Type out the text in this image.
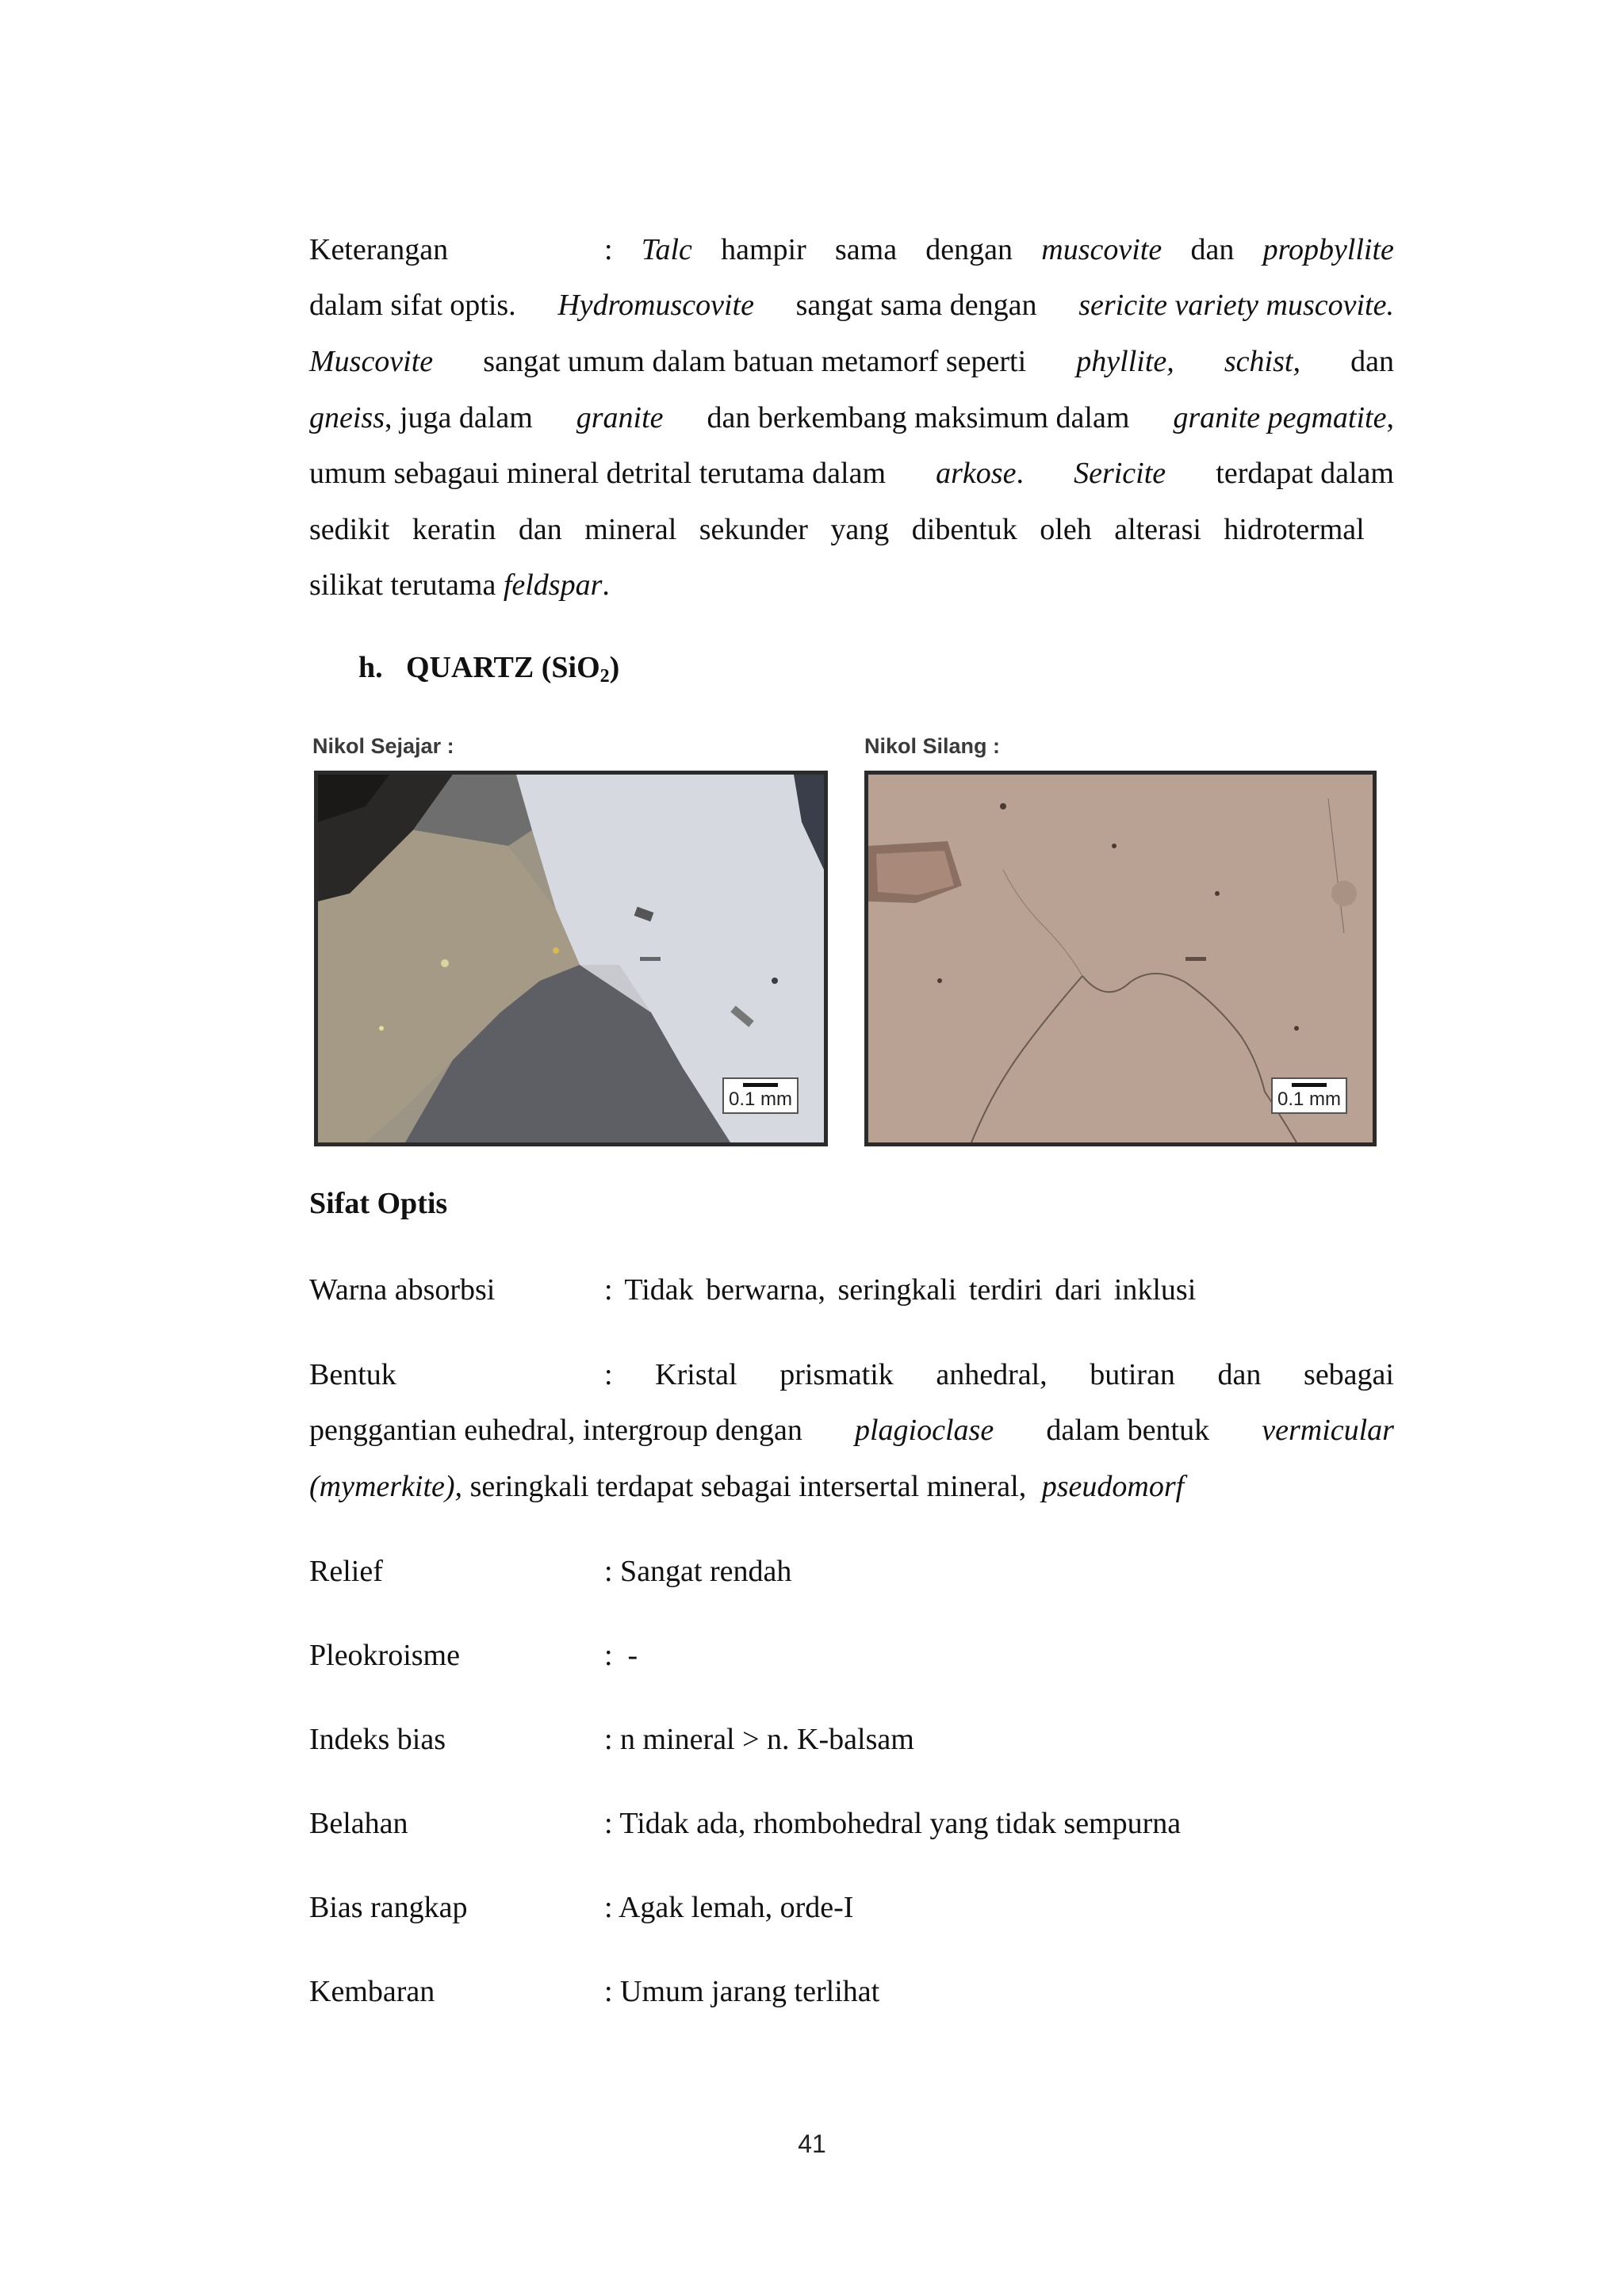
Keterangan	: Talc hampir sama dengan muscovite dan propbyllite
dalam sifat optis. Hydromuscovite sangat sama dengan sericite variety muscovite.
Muscovite sangat umum dalam batuan metamorf seperti phyllite, schist, dan
gneiss, juga dalam granite dan berkembang maksimum dalam granite pegmatite,
umum sebagaui mineral detrital terutama dalam arkose. Sericite terdapat dalam
sedikit keratin dan mineral sekunder yang dibentuk oleh alterasi hidrotermal
silikat terutama feldspar.
h. QUARTZ (SiO$_2$)
Nikol Sejajar :
0.1 mm
Nikol Silang :
0.1 mm
Sifat Optis
Warna absorbsi	: Tidak berwarna, seringkali terdiri dari inklusi
Bentuk	: Kristal prismatik anhedral, butiran dan sebagai
penggantian euhedral, intergroup dengan plagioclase dalam bentuk vermicular
(mymerkite), seringkali terdapat sebagai intersertal mineral, pseudomorf
Relief	: Sangat rendah
Pleokroisme	:  -
Indeks bias	: n mineral > n. K-balsam
Belahan	: Tidak ada, rhombohedral yang tidak sempurna
Bias rangkap	: Agak lemah, orde-I
Kembaran	: Umum jarang terlihat
41
